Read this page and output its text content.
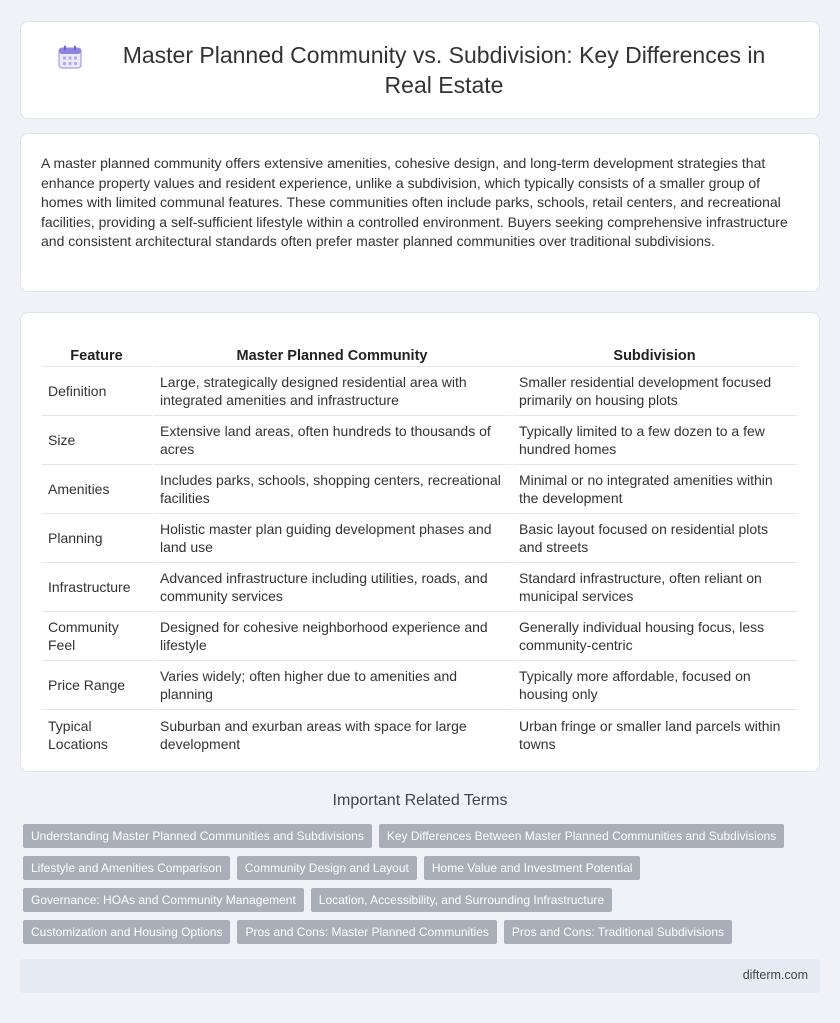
Master Planned Community vs. Subdivision: Key Differences in Real Estate

A master planned community offers extensive amenities, cohesive design, and long-term development strategies that enhance property values and resident experience, unlike a subdivision, which typically consists of a smaller group of homes with limited communal features. These communities often include parks, schools, retail centers, and recreational facilities, providing a self-sufficient lifestyle within a controlled environment. Buyers seeking comprehensive infrastructure and consistent architectural standards often prefer master planned communities over traditional subdivisions.

Feature	Master Planned Community	Subdivision
Definition	Large, strategically designed residential area with integrated amenities and infrastructure	Smaller residential development focused primarily on housing plots
Size	Extensive land areas, often hundreds to thousands of acres	Typically limited to a few dozen to a few hundred homes
Amenities	Includes parks, schools, shopping centers, recreational facilities	Minimal or no integrated amenities within the development
Planning	Holistic master plan guiding development phases and land use	Basic layout focused on residential plots and streets
Infrastructure	Advanced infrastructure including utilities, roads, and community services	Standard infrastructure, often reliant on municipal services
Community Feel	Designed for cohesive neighborhood experience and lifestyle	Generally individual housing focus, less community-centric
Price Range	Varies widely; often higher due to amenities and planning	Typically more affordable, focused on housing only
Typical Locations	Suburban and exurban areas with space for large development	Urban fringe or smaller land parcels within towns
Important Related Terms
Understanding Master Planned Communities and Subdivisions	Key Differences Between Master Planned Communities and Subdivisions
Lifestyle and Amenities Comparison	Community Design and Layout	Home Value and Investment Potential
Governance: HOAs and Community Management	Location, Accessibility, and Surrounding Infrastructure
Customization and Housing Options	Pros and Cons: Master Planned Communities	Pros and Cons: Traditional Subdivisions
difterm.com
